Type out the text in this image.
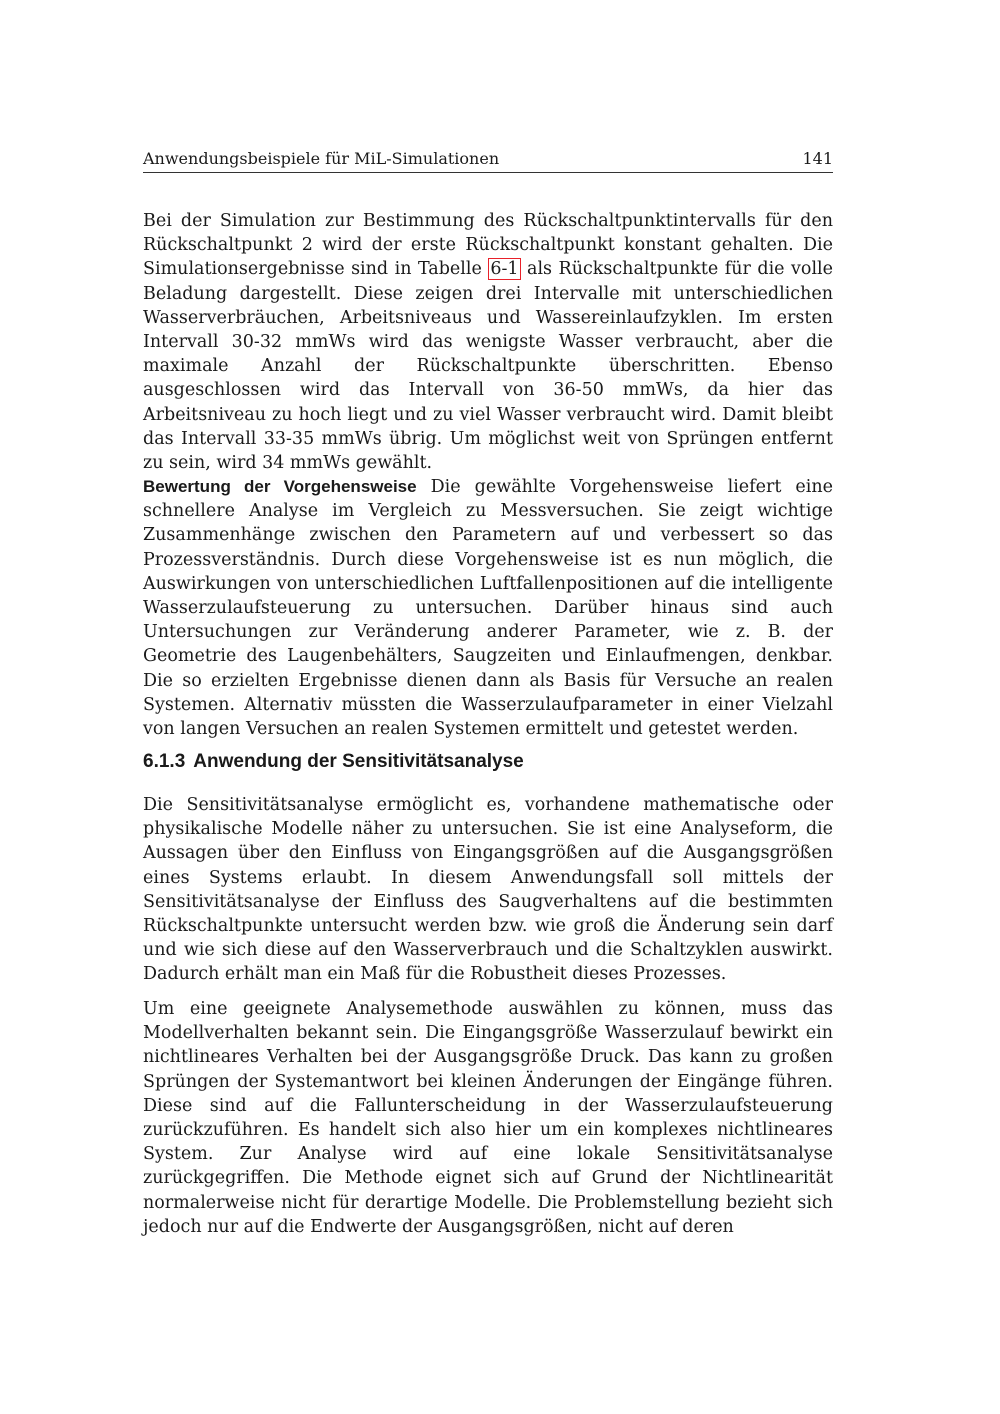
Anwendungsbeispiele für MiL-Simulationen	141

Bei der Simulation zur Bestimmung des Rückschaltpunktintervalls für den Rückschaltpunkt 2 wird der erste Rückschaltpunkt konstant gehalten. Die Simulationsergebnisse sind in Tabelle 6-1 als Rückschaltpunkte für die volle Beladung dargestellt. Diese zeigen drei Intervalle mit unterschiedlichen Wasserverbräuchen, Arbeitsniveaus und Wassereinlaufzyklen. Im ersten Intervall 30-32 mmWs wird das wenigste Wasser verbraucht, aber die maximale Anzahl der Rückschaltpunkte überschritten. Ebenso ausgeschlossen wird das Intervall von 36-50 mmWs, da hier das Arbeitsniveau zu hoch liegt und zu viel Wasser verbraucht wird. Damit bleibt das Intervall 33-35 mmWs übrig. Um möglichst weit von Sprüngen entfernt zu sein, wird 34 mmWs gewählt.

Bewertung der Vorgehensweise Die gewählte Vorgehensweise liefert eine schnellere Analyse im Vergleich zu Messversuchen. Sie zeigt wichtige Zusammenhänge zwischen den Parametern auf und verbessert so das Prozessverständnis. Durch diese Vorgehensweise ist es nun möglich, die Auswirkungen von unterschiedlichen Luftfallenpositionen auf die intelligente Wasserzulaufsteuerung zu untersuchen. Darüber hinaus sind auch Untersuchungen zur Veränderung anderer Parameter, wie z. B. der Geometrie des Laugenbehälters, Saugzeiten und Einlaufmengen, denkbar. Die so erzielten Ergebnisse dienen dann als Basis für Versuche an realen Systemen. Alternativ müssten die Wasserzulaufparameter in einer Vielzahl von langen Versuchen an realen Systemen ermittelt und getestet werden.

6.1.3 Anwendung der Sensitivitätsanalyse

Die Sensitivitätsanalyse ermöglicht es, vorhandene mathematische oder physikalische Modelle näher zu untersuchen. Sie ist eine Analyseform, die Aussagen über den Einfluss von Eingangsgrößen auf die Ausgangsgrößen eines Systems erlaubt. In diesem Anwendungsfall soll mittels der Sensitivitätsanalyse der Einfluss des Saugverhaltens auf die bestimmten Rückschaltpunkte untersucht werden bzw. wie groß die Änderung sein darf und wie sich diese auf den Wasserverbrauch und die Schaltzyklen auswirkt. Dadurch erhält man ein Maß für die Robustheit dieses Prozesses.

Um eine geeignete Analysemethode auswählen zu können, muss das Modellverhalten bekannt sein. Die Eingangsgröße Wasserzulauf bewirkt ein nichtlineares Verhalten bei der Ausgangsgröße Druck. Das kann zu großen Sprüngen der Systemantwort bei kleinen Änderungen der Eingänge führen. Diese sind auf die Fallunterscheidung in der Wasserzulaufsteuerung zurückzuführen. Es handelt sich also hier um ein komplexes nichtlineares System. Zur Analyse wird auf eine lokale Sensitivitätsanalyse zurückgegriffen. Die Methode eignet sich auf Grund der Nichtlinearität normalerweise nicht für derartige Modelle. Die Problemstellung bezieht sich jedoch nur auf die Endwerte der Ausgangsgrößen, nicht auf deren
